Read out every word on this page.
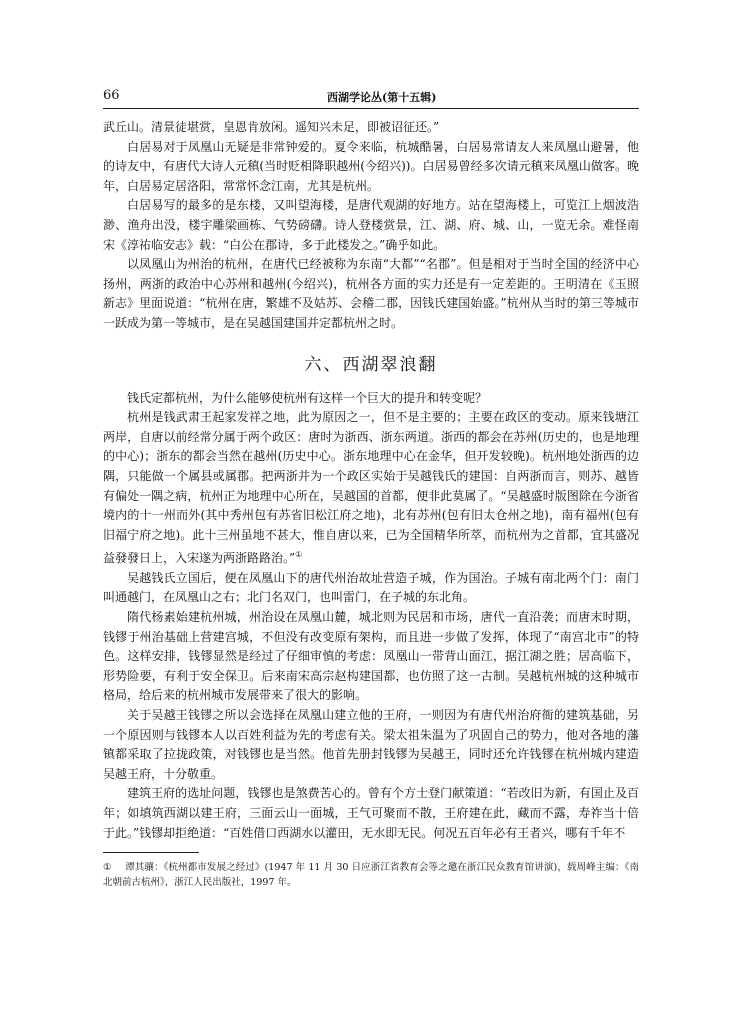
66	西湖学论丛(第十五辑)

武丘山。清景徒堪赏，皇恩肯放闲。遥知兴未足，即被诏征还。”

白居易对于凤凰山无疑是非常钟爱的。夏令来临，杭城酷暑，白居易常请友人来凤凰山避暑，他的诗友中，有唐代大诗人元稹(当时贬相降职越州(今绍兴))。白居易曾经多次请元稹来凤凰山做客。晚年，白居易定居洛阳，常常怀念江南，尤其是杭州。

白居易写的最多的是东楼，又叫望海楼，是唐代观湖的好地方。站在望海楼上，可览江上烟波浩渺、渔舟出没，楼宇雕梁画栋、气势磅礴。诗人登楼赏景，江、湖、府、城、山，一览无余。难怪南宋《淳祐临安志》载：“白公在郡诗，多于此楼发之。”确乎如此。

以凤凰山为州治的杭州，在唐代已经被称为东南“大都”“名郡”。但是相对于当时全国的经济中心扬州，两浙的政治中心苏州和越州(今绍兴)，杭州各方面的实力还是有一定差距的。王明清在《玉照新志》里面说道：“杭州在唐，繁雄不及姑苏、会稽二郡，因钱氏建国始盛。”杭州从当时的第三等城市一跃成为第一等城市，是在吴越国建国并定都杭州之时。

六、西湖翠浪翻

钱氏定都杭州，为什么能够使杭州有这样一个巨大的提升和转变呢？

杭州是钱武肃王起家发祥之地，此为原因之一，但不是主要的；主要在政区的变动。原来钱塘江两岸，自唐以前经常分属于两个政区：唐时为浙西、浙东两道。浙西的都会在苏州(历史的，也是地理的中心)；浙东的都会当然在越州(历史中心。浙东地理中心在金华，但开发较晚)。杭州地处浙西的边隅，只能做一个属县或属郡。把两浙并为一个政区实始于吴越钱氏的建国：自两浙而言，则苏、越皆有偏处一隅之病，杭州正为地理中心所在，吴越国的首都，便非此莫属了。“吴越盛时版图除在今浙省境内的十一州而外(其中秀州包有苏省旧松江府之地)，北有苏州(包有旧太仓州之地)，南有福州(包有旧福宁府之地)。此十三州虽地不甚大，惟自唐以来，已为全国精华所萃，而杭州为之首都，宜其盛况益發發日上，入宋遂为两浙路路治。”①

吴越钱氏立国后，便在凤凰山下的唐代州治故址营造子城，作为国治。子城有南北两个门：南门叫通越门，在凤凰山之右；北门名双门，也叫雷门，在子城的东北角。

隋代杨素始建杭州城，州治设在凤凰山麓，城北则为民居和市场，唐代一直沿袭；而唐末时期，钱镠于州治基础上营建宫城，不但没有改变原有架构，而且进一步做了发挥，体现了“南宫北市”的特色。这样安排，钱镠显然是经过了仔细审慎的考虑：凤凰山一带背山面江，据江湖之胜；居高临下，形势险要，有利于安全保卫。后来南宋高宗赵构建国都，也仿照了这一古制。吴越杭州城的这种城市格局，给后来的杭州城市发展带来了很大的影响。

关于吴越王钱镠之所以会选择在凤凰山建立他的王府，一则因为有唐代州治府衙的建筑基础，另一个原因则与钱镠本人以百姓利益为先的考虑有关。梁太祖朱温为了巩固自己的势力，他对各地的藩镇都采取了拉拢政策，对钱镠也是当然。他首先册封钱镠为吴越王，同时还允许钱镠在杭州城内建造吴越王府，十分敬重。

建筑王府的选址问题，钱镠也是煞费苦心的。曾有个方士登门献策道：“若改旧为新，有国止及百年；如填筑西湖以建王府，三面云山一面城，王气可聚而不散，王府建在此，藏而不露，寿祚当十倍于此。”钱镠却拒绝道：“百姓借口西湖水以灌田，无水即无民。何况五百年必有王者兴，哪有千年不

① 谭其骧：《杭州都市发展之经过》(1947 年 11 月 30 日应浙江省教育会等之邀在浙江民众教育馆讲演)，载周峰主编：《南北朝前古杭州》，浙江人民出版社，1997 年。
